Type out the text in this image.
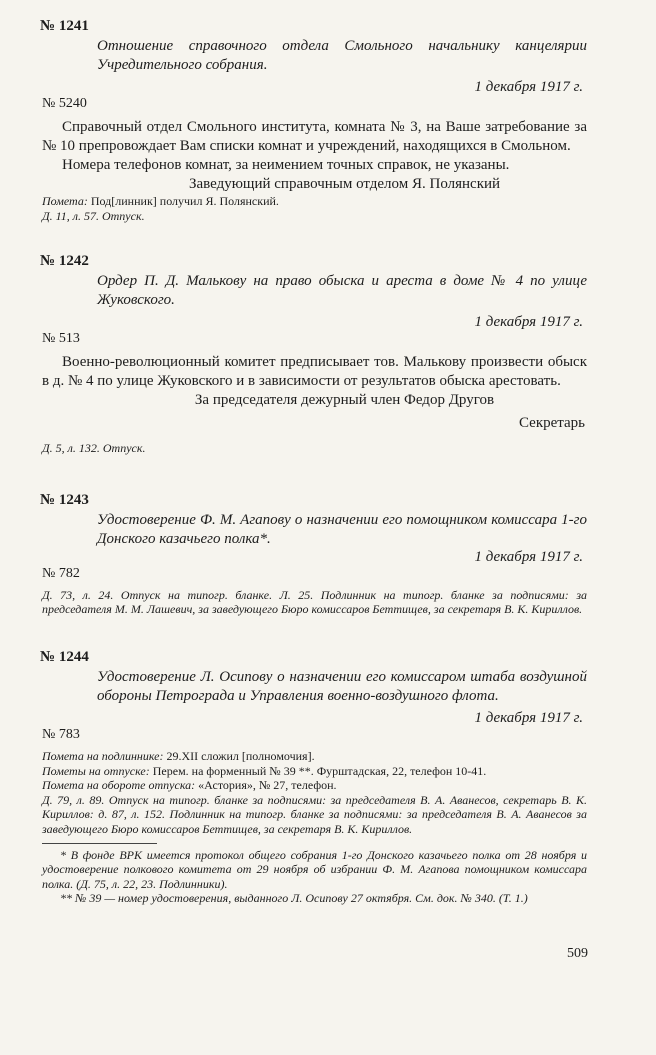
№ 1241

Отношение справочного отдела Смольного начальнику канцелярии Учредительного собрания.

1 декабря 1917 г.
№ 5240

Справочный отдел Смольного института, комната № 3, на Ваше затребование за № 10 препровождает Вам списки комнат и учреждений, находящихся в Смольном.

Номера телефонов комнат, за неимением точных справок, не указаны.

Заведующий справочным отделом Я. Полянский

Помета: Под[линник] получил Я. Полянский.

Д. 11, л. 57. Отпуск.

№ 1242

Ордер П. Д. Малькову на право обыска и ареста в доме № 4 по улице Жуковского.

1 декабря 1917 г.
№ 513

Военно-революционный комитет предписывает тов. Малькову произвести обыск в д. № 4 по улице Жуковского и в зависимости от результатов обыска арестовать.

За председателя дежурный член Федор Другов

Секретарь

Д. 5, л. 132. Отпуск.

№ 1243

Удостоверение Ф. М. Агапову о назначении его помощником комиссара 1-го Донского казачьего полка*.

1 декабря 1917 г.
№ 782

Д. 73, л. 24. Отпуск на типогр. бланке. Л. 25. Подлинник на типогр. бланке за подписями: за председателя М. М. Лашевич, за заведующего Бюро комиссаров Беттищев, за секретаря В. К. Кириллов.

№ 1244

Удостоверение Л. Осипову о назначении его комиссаром штаба воздушной обороны Петрограда и Управления военно-воздушного флота.

1 декабря 1917 г.
№ 783

Помета на подлиннике: 29.XII сложил [полномочия].

Пометы на отпуске: Перем. на форменный № 39 **. Фурштадская, 22, телефон 10-41.

Помета на обороте отпуска: «Астория», № 27, телефон.

Д. 79, л. 89. Отпуск на типогр. бланке за подписями: за председателя В. А. Аванесов, секретарь В. К. Кириллов: д. 87, л. 152. Подлинник на типогр. бланке за подписями: за председателя В. А. Аванесов за заведующего Бюро комиссаров Беттищев, за секретаря В. К. Кириллов.

* В фонде ВРК имеется протокол общего собрания 1-го Донского казачьего полка от 28 ноября и удостоверение полкового комитета от 29 ноября об избрании Ф. М. Агапова помощником комиссара полка. (Д. 75, л. 22, 23. Подлинники).

** № 39 — номер удостоверения, выданного Л. Осипову 27 октября. См. док. № 340. (Т. 1.)

509
